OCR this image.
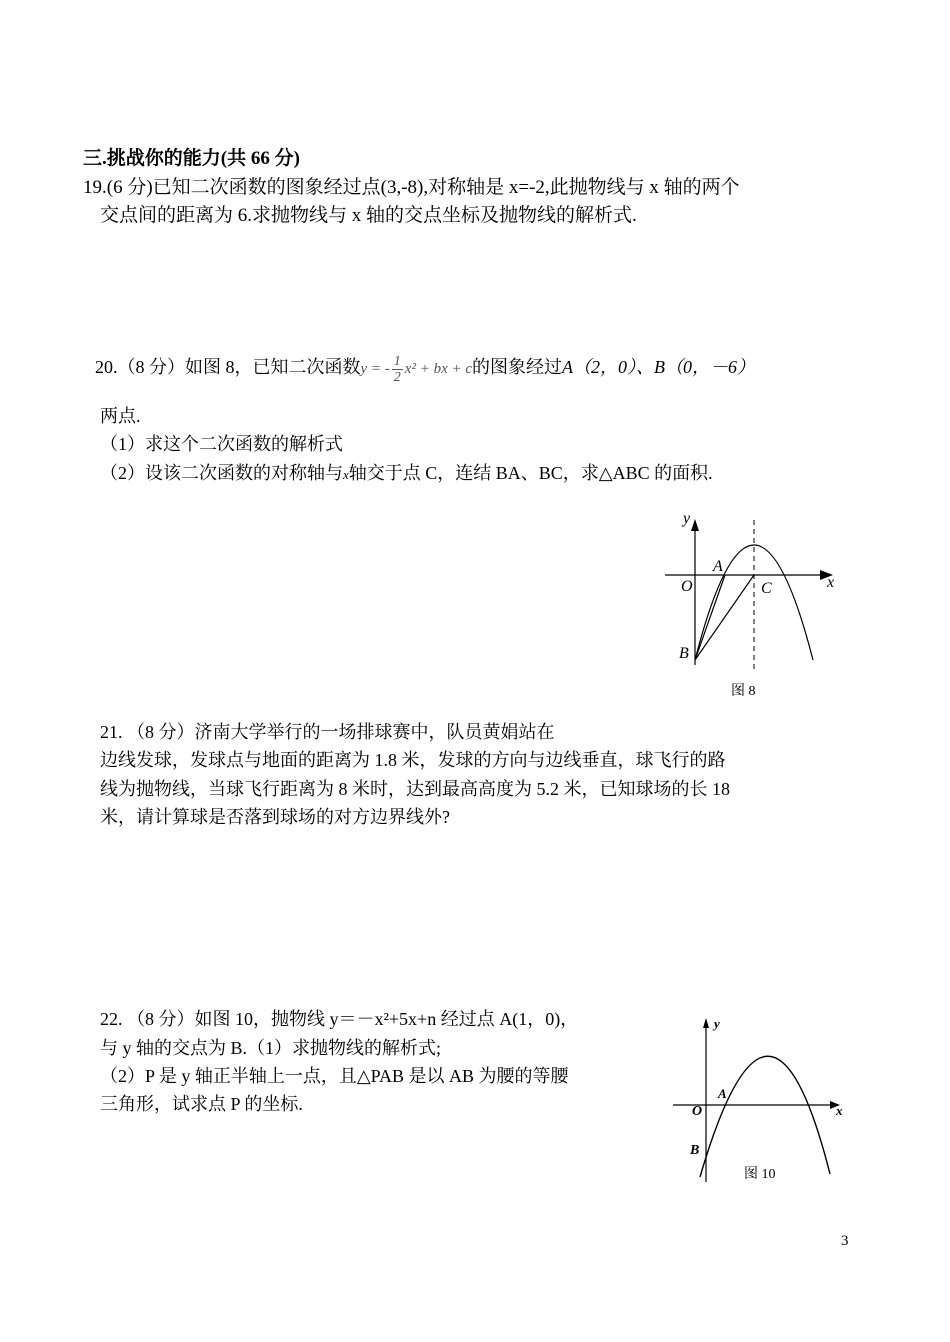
三.挑战你的能力(共 66 分)
19.(6 分)已知二次函数的图象经过点(3,-8),对称轴是 x=-2,此抛物线与 x 轴的两个
交点间的距离为 6.求抛物线与 x 轴的交点坐标及抛物线的解析式.
20.（8 分）如图 8，已知二次函数y = - $\frac{1}{2} x^2$ + bx + c的图象经过A（2，0）、B（0，－6）
两点.
（1）求这个二次函数的解析式
（2）设该二次函数的对称轴与x轴交于点 C，连结 BA、BC，求△ABC 的面积.
y
x
O
A
C
B
图 8
21. （8 分）济南大学举行的一场排球赛中，队员黄娟站在
边线发球，发球点与地面的距离为 1.8 米，发球的方向与边线垂直，球飞行的路
线为抛物线，当球飞行距离为 8 米时，达到最高高度为 5.2 米，已知球场的长 18
米，请计算球是否落到球场的对方边界线外?
22. （8 分）如图 10，抛物线 y＝－x²+5x+n 经过点 A(1，0)，
与 y 轴的交点为 B.（1）求抛物线的解析式;
（2）P 是 y 轴正半轴上一点，且△PAB 是以 AB 为腰的等腰
三角形，试求点 P 的坐标.
y
x
O
A
B
图 10
3
